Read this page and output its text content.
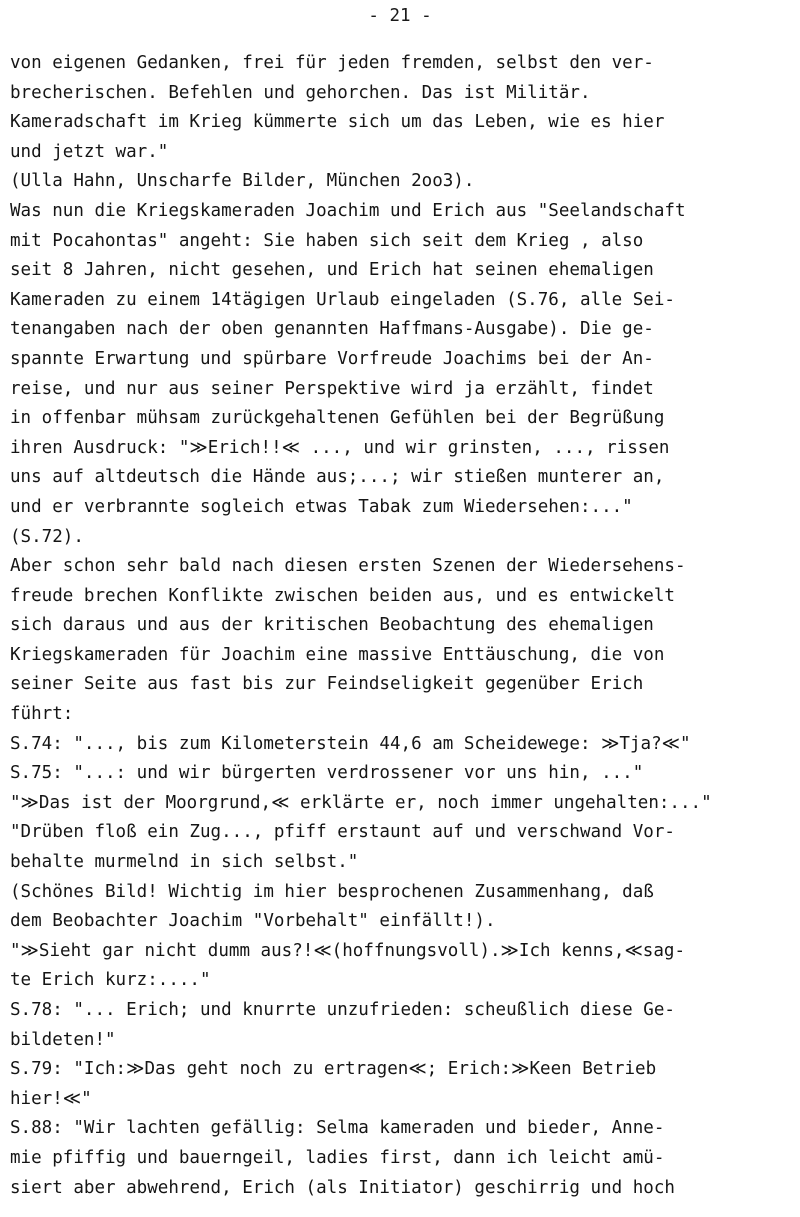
- 21 -
von eigenen Gedanken, frei für jeden fremden, selbst den ver-
brecherischen. Befehlen und gehorchen. Das ist Militär.
Kameradschaft im Krieg kümmerte sich um das Leben, wie es hier
und jetzt war."
(Ulla Hahn, Unscharfe Bilder, München 2oo3).
Was nun die Kriegskameraden Joachim und Erich aus "Seelandschaft
mit Pocahontas" angeht: Sie haben sich seit dem Krieg , also
seit 8 Jahren, nicht gesehen, und Erich hat seinen ehemaligen
Kameraden zu einem 14tägigen Urlaub eingeladen (S.76, alle Sei-
tenangaben nach der oben genannten Haffmans-Ausgabe). Die ge-
spannte Erwartung und spürbare Vorfreude Joachims bei der An-
reise, und nur aus seiner Perspektive wird ja erzählt, findet
in offenbar mühsam zurückgehaltenen Gefühlen bei der Begrüßung
ihren Ausdruck: "≫Erich!!≪ ..., und wir grinsten, ..., rissen
uns auf altdeutsch die Hände aus;...; wir stießen munterer an,
und er verbrannte sogleich etwas Tabak zum Wiedersehen:..."
(S.72).
Aber schon sehr bald nach diesen ersten Szenen der Wiedersehens-
freude brechen Konflikte zwischen beiden aus, und es entwickelt
sich daraus und aus der kritischen Beobachtung des ehemaligen
Kriegskameraden für Joachim eine massive Enttäuschung, die von
seiner Seite aus fast bis zur Feindseligkeit gegenüber Erich
führt:
S.74: "..., bis zum Kilometerstein 44,6 am Scheidewege: ≫Tja?≪"
S.75: "...: und wir bürgerten verdrossener vor uns hin, ..."
"≫Das ist der Moorgrund,≪ erklärte er, noch immer ungehalten:..."
"Drüben floß ein Zug..., pfiff erstaunt auf und verschwand Vor-
behalte murmelnd in sich selbst."
(Schönes Bild! Wichtig im hier besprochenen Zusammenhang, daß
dem Beobachter Joachim "Vorbehalt" einfällt!).
"≫Sieht gar nicht dumm aus?!≪(hoffnungsvoll).≫Ich kenns,≪sag-
te Erich kurz:...."
S.78: "... Erich; und knurrte unzufrieden: scheußlich diese Ge-
bildeten!"
S.79: "Ich:≫Das geht noch zu ertragen≪; Erich:≫Keen Betrieb
hier!≪"
S.88: "Wir lachten gefällig: Selma kameraden und bieder, Anne-
mie pfiffig und bauerngeil, ladies first, dann ich leicht amü-
siert aber abwehrend, Erich (als Initiator) geschirrig und hoch
